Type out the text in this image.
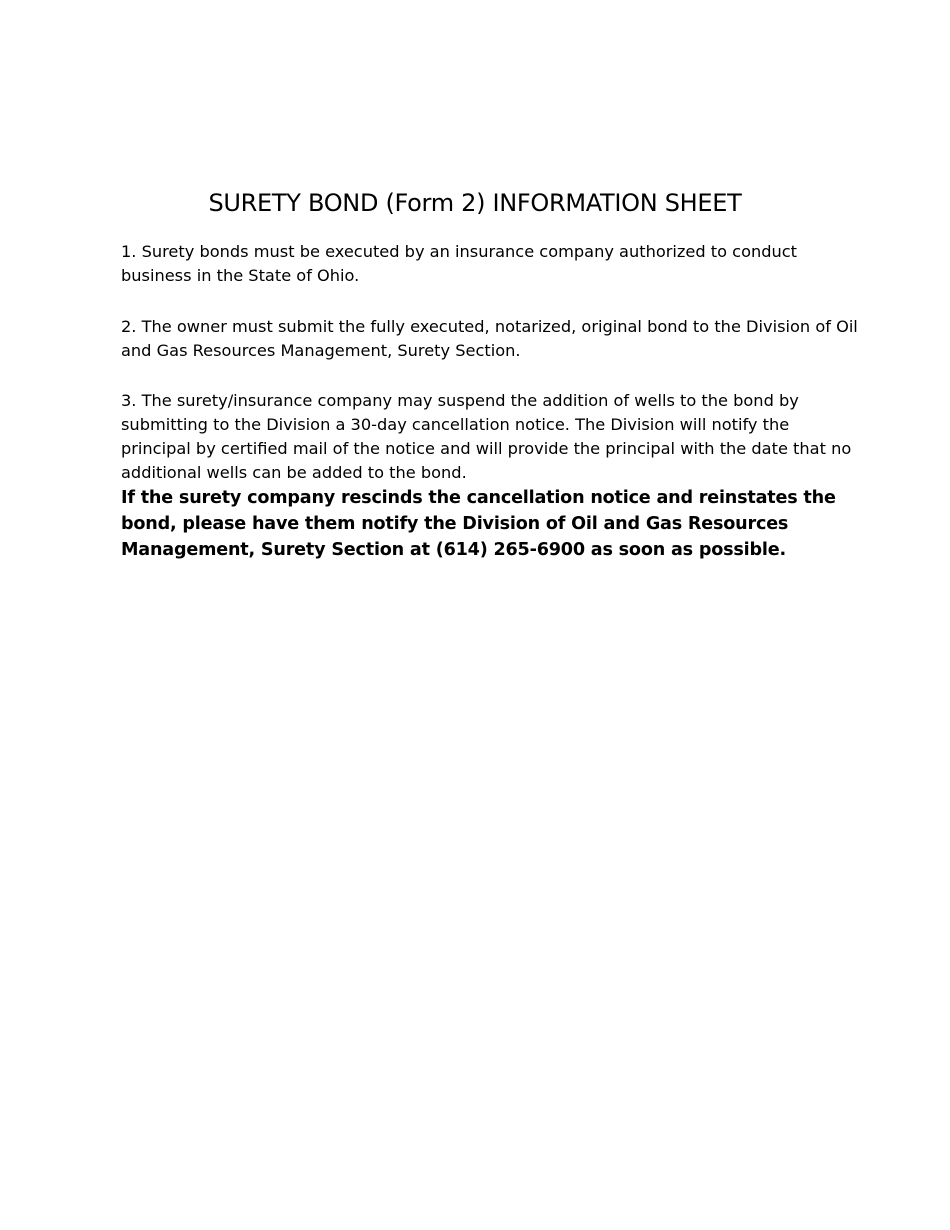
SURETY BOND (Form 2) INFORMATION SHEET

1. Surety bonds must be executed by an insurance company authorized to conduct business in the State of Ohio.

2. The owner must submit the fully executed, notarized, original bond to the Division of Oil and Gas Resources Management, Surety Section.

3. The surety/insurance company may suspend the addition of wells to the bond by submitting to the Division a 30-day cancellation notice. The Division will notify the principal by certified mail of the notice and will provide the principal with the date that no additional wells can be added to the bond.

If the surety company rescinds the cancellation notice and reinstates the bond, please have them notify the Division of Oil and Gas Resources Management, Surety Section at (614) 265-6900 as soon as possible.
